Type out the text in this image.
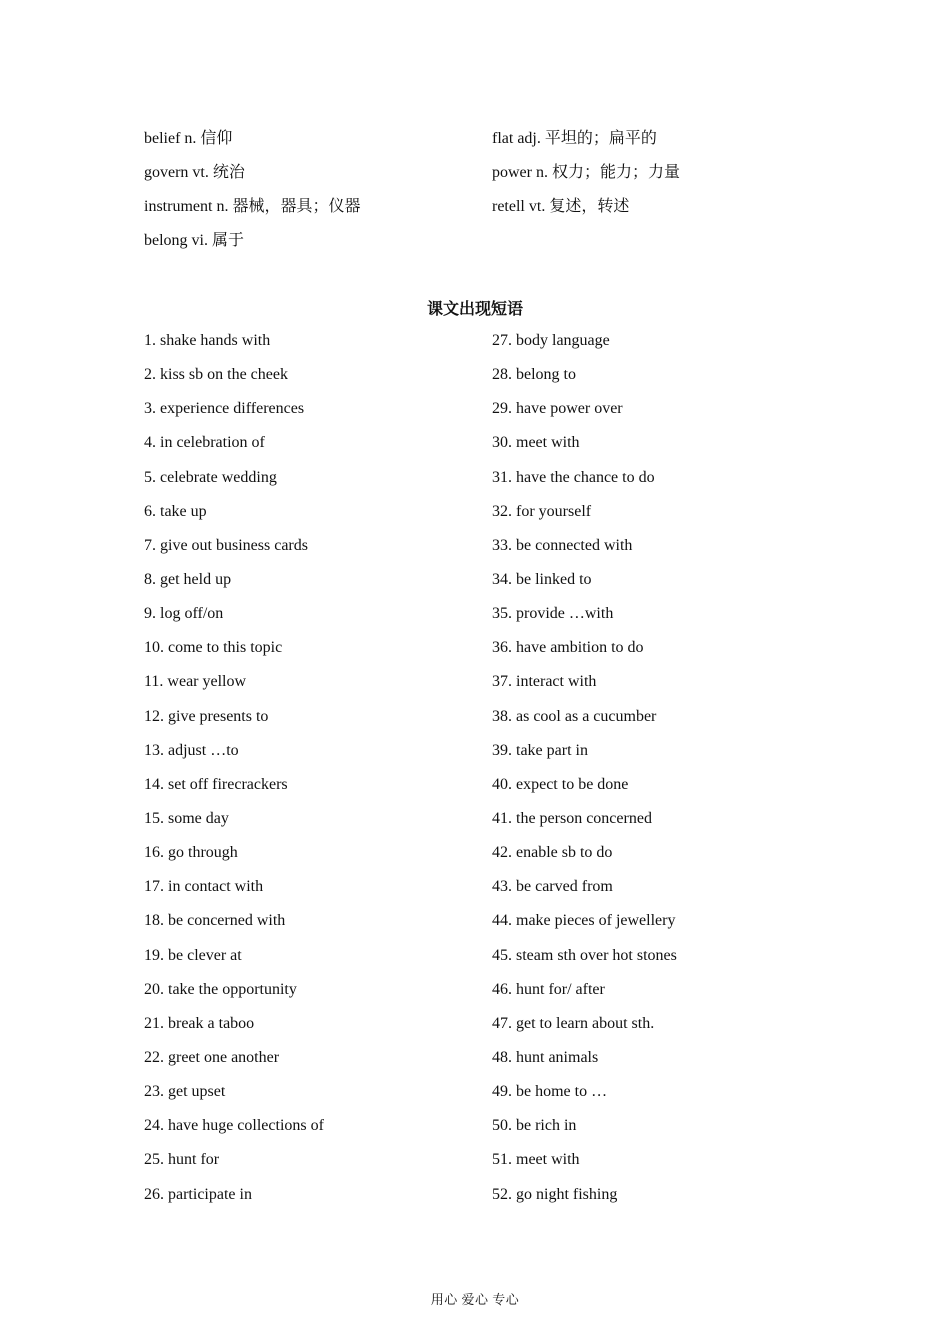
belief n. 信仰	flat adj. 平坦的；扁平的
govern vt. 统治	power n. 权力；能力；力量
instrument n. 器械，器具；仪器	retell vt. 复述，转述
belong vi. 属于
课文出现短语
1. shake hands with	27. body language
2. kiss sb on the cheek	28. belong to
3. experience differences	29. have power over
4. in celebration of	30. meet with
5. celebrate wedding	31. have the chance to do
6. take up	32. for yourself
7. give out business cards	33. be connected with
8. get held up	34. be linked to
9. log off/on	35. provide …with
10. come to this topic	36. have ambition to do
11. wear yellow	37. interact with
12. give presents to	38. as cool as a cucumber
13. adjust …to	39. take part in
14. set off firecrackers	40. expect to be done
15. some day	41. the person concerned
16. go through	42. enable sb to do
17. in contact with	43. be carved from
18. be concerned with	44. make pieces of jewellery
19. be clever at	45. steam sth over hot stones
20. take the opportunity	46. hunt for/ after
21. break a taboo	47. get to learn about sth.
22. greet one another	48. hunt animals
23. get upset	49. be home to …
24. have huge collections of	50. be rich in
25. hunt for	51. meet with
26. participate in	52. go night fishing
用心 爱心 专心
